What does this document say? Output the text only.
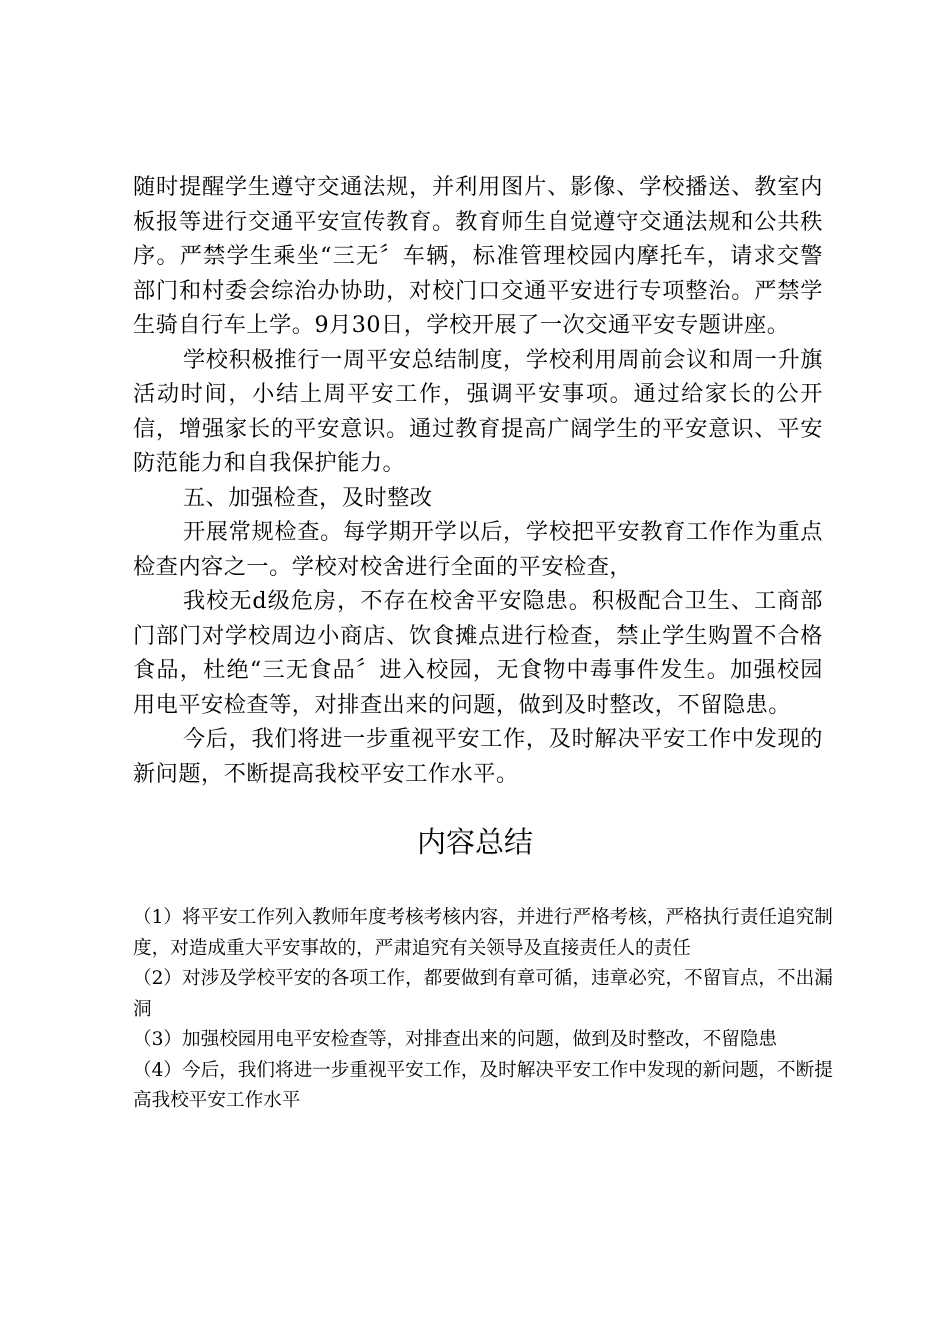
随时提醒学生遵守交通法规，并利用图片、影像、学校播送、教室内板报等进行交通平安宣传教育。教育师生自觉遵守交通法规和公共秩序。严禁学生乘坐“三无〞车辆，标准管理校园内摩托车，请求交警部门和村委会综治办协助，对校门口交通平安进行专项整治。严禁学生骑自行车上学。9月30日，学校开展了一次交通平安专题讲座。

学校积极推行一周平安总结制度，学校利用周前会议和周一升旗活动时间，小结上周平安工作，强调平安事项。通过给家长的公开信，增强家长的平安意识。通过教育提高广阔学生的平安意识、平安防范能力和自我保护能力。

五、加强检查，及时整改

开展常规检查。每学期开学以后，学校把平安教育工作作为重点检查内容之一。学校对校舍进行全面的平安检查，

我校无d级危房，不存在校舍平安隐患。积极配合卫生、工商部门部门对学校周边小商店、饮食摊点进行检查，禁止学生购置不合格食品，杜绝“三无食品〞进入校园，无食物中毒事件发生。加强校园用电平安检查等，对排查出来的问题，做到及时整改，不留隐患。

今后，我们将进一步重视平安工作，及时解决平安工作中发现的新问题，不断提高我校平安工作水平。

内容总结
（1）将平安工作列入教师年度考核考核内容，并进行严格考核，严格执行责任追究制度，对造成重大平安事故的，严肃追究有关领导及直接责任人的责任
（2）对涉及学校平安的各项工作，都要做到有章可循，违章必究，不留盲点，不出漏洞
（3）加强校园用电平安检查等，对排查出来的问题，做到及时整改，不留隐患
（4）今后，我们将进一步重视平安工作，及时解决平安工作中发现的新问题，不断提高我校平安工作水平
